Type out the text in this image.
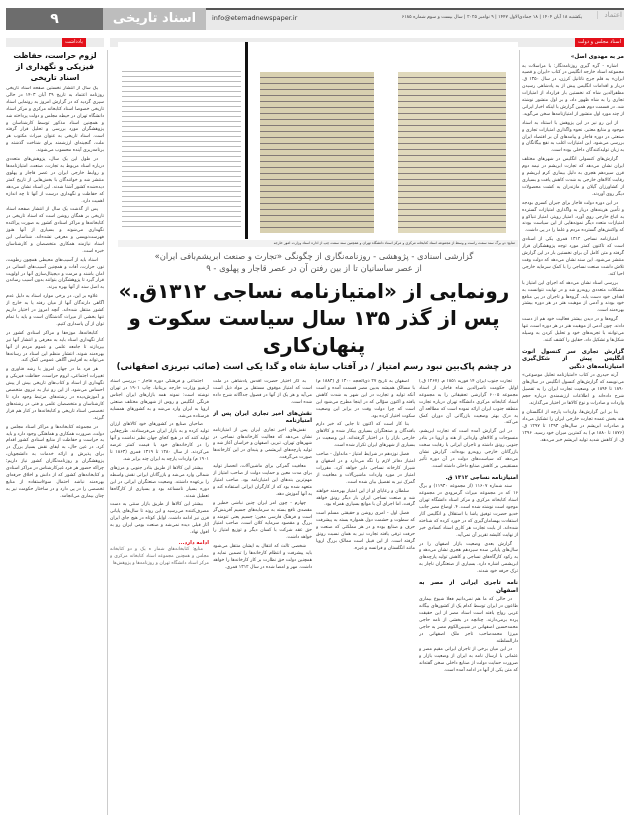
۹	اسناد تاریخی	info@etemadnewspaper.ir	یکشنبه ۱۸ آبان ۱۴۰۴ | ۱۸ جمادی‌الاول ۱۴۴۷ | ۹ نوامبر ۲۰۲۵ | سال بیست و سوم شماره ۶۱۸۵	اعتماد
یادداشت	اسناد مجلس و دولت
لزوم حراست، حفاظت فیزیکی و نگهداری از اسناد تاریخی

یک سال از انتشار نخستین صفحه اسناد تاریخی روزنامه اعتماد به تاریخ ۲۹ آبان ۱۴۰۳ در حالی سپری گردید که در گزارش امروز به رونمایی اسناد تاریخی خصوصا اسناد کتابخانه مرکزی و مرکز اسناد دانشگاه تهران در حیطه مجلس و دولت پرداخته شد و همچنین اسناد مذکور توسط کارشناسان و پژوهشگران مورد بررسی و تحلیل قرار گرفته است. اسناد تاریخی به عنوان میراث مکتوب هر ملت، گنجینه‌ای ارزشمند برای شناخت گذشته و برنامه‌ریزی آینده محسوب می‌شوند.

در طول این یک سال، پژوهش‌های متعددی درباره اسناد مربوط به تجارت، صنعت، امتیازنامه‌ها و روابط خارجی ایران در عصر قاجار و پهلوی منتشر شد و خوانندگان با بخش‌هایی از تاریخ کمتر دیده‌شده کشور آشنا شدند. این اسناد نشان می‌دهد که حفاظت و نگهداری درست از آنها تا چه اندازه اهمیت دارد.

پس از گذشت یک سال از انتشار صفحه اسناد تاریخی بر همگان روشن است که اسناد تاریخی در کتابخانه‌ها و مراکز اسنادی کشور به صورت پراکنده نگهداری می‌شوند و بسیاری از آنها هنوز فهرست‌نویسی و معرفی نشده‌اند. شناسایی این اسناد نیازمند همکاری متخصصان و کارشناسان خبره است.

اسناد باید از آسیب‌های محیطی همچون رطوبت، نور، حرارت، آفات و همچنین آسیب‌های انسانی در امان باشند و مرمت و دیجیتال‌سازی آنها در اولویت قرار گیرد تا پژوهشگران بتوانند بدون آسیب رساندن به اصل سند از آنها بهره ببرند.

علاوه بر این، در برخی موارد اسناد به دلیل عدم آگاهی دارندگان آنها از میان رفته یا به خارج از کشور منتقل شده‌اند. آنچه امروز در اختیار داریم تنها بخشی از میراث گذشتگان است و باید با تمام توان از آن پاسداری کنیم.

کتابخانه‌ها، موزه‌ها و مراکز اسنادی کشور در کنار نگهداری اسناد باید به معرفی و انتشار آنها نیز بپردازند تا جامعه علمی و عموم مردم از آنها بهره‌مند شوند. انتشار منظم این اسناد در رسانه‌ها می‌تواند به افزایش آگاهی عمومی کمک کند.

هر فرد ما در جهان امروز با رشد فناوری و تغییرات اجتماعی، لزوم حراست، حفاظت فیزیکی و نگهداری از اسناد و کتاب‌های تاریخی بیش از پیش احساس می‌شود. از این رو نیاز به نیروی متخصص و آموزش‌دیده در رشته‌های مرتبط وجود دارد تا کارشناسان و متخصصان علمی و فنی در رشته‌های تخصصی اسناد تاریخی و کتابخانه‌ها در کنار هم قرار گیرند.

در مجموعه کتابخانه‌ها و مراکز اسناد مجلس و دولت، ضرورت همکاری و هماهنگی وجود دارد و باید به حراست و حفاظت از منابع اسنادی کشور اقدام کرد. در عین حال، به ایفای نقش بسیار بزرگ در برای پذیرش و ارائه خدمات به دانشجویان، پژوهشگران و روزنامه‌نگاران کشور نیاز داریم؛ چراکه حضور هر فرد غیرکارشناس در مراکز اسنادی و کتابخانه‌های کشور که از دانش و اخلاق حرفه‌ای بهره‌مند نباشد احتمال سوءاستفاده از منابع تخصصی را در پی دارد و در ساختار حکومت نیز به چنان بیماری می‌انجامد.

منابع: دو برگ سند سمت راست و وسط از مجموعه اسناد کتابخانه مرکزی و مرکز اسناد دانشگاه تهران و همچنین سند سمت چپ از اداره اسناد وزارت امور خارجه
گزارشی اسنادی - پژوهشی - روزنامه‌نگاری از چگونگی «تجارت و صنعت ابریشم‌بافی ایران»
از عصر ساسانیان تا از بین رفتن آن در عصر قاجار و پهلوی - ۹
رونمایی از «امتیازنامه نساجی ۱۳۱۲ق.»
پس از گذر ۱۳۵ سال سیاست سکوت و پنهان‌کاری
در چشم پاک‌بین نبود رسم امتیاز / در آفتاب سایهٔ شاه و گدا یکی است (صائب تبریزی اصفهانی)

تجارت جنوب ایران ۱۴ فوریه ۱۸۵۱ م. (۱۲۶۷ ق.) اوایل حکومت ناصرالدین شاه قاجار، از اسناد مجموعه ۶۰۰۵ گزارشی تحقیقاتی را به مجموعه اسناد کتابخانه مرکزی دانشگاه تهران درباره تجارت منطقه جنوب ایران ارائه نموده است که مطالعه آن به درک بهتر وضعیت بازرگانی آن دوران کمک می‌کند.

در این گزارش آمده است که تجارت ابریشم، منسوجات و کالاهای وارداتی از هند و اروپا در بنادر جنوبی رونق داشته و تاجران ایرانی با رقابت سخت بازرگانان خارجی روبه‌رو بوده‌اند. گزارش نشان می‌دهد که سیاست‌های دولت در آن دوره تأثیر مستقیمی بر کاهش صنایع داخلی داشته است.

امتیازنامه نساجی ۱۳۱۲ ق.

سند شماره ۱۱۶۰۷ (از مجموعه ۱۱۹۳۰) و برگ ۱۶ که در مجموعه میراث گرمرودی در مجموعه اسناد کتابخانه مرکزی و مرکز اسناد دانشگاه تهران موجود است نوشته شده است. ۴. اوضاع مصر جانب خدیو حضرت توفیق پاشا با استقلال و انگلیس آثار استفادت بهسامان‌گیری که در خورد کرده که شناخته شده‌اند. از بابت تجارت هر کاری اسناد کسادی خبر از نهایت کلیشه تقریر آن نمی‌آید.

گزارش بعدی وضعیت بازار اصفهان را در سال‌های پایانی سده سیزدهم هجری نشان می‌دهد و به رکود کارگاه‌های نساجی و کاهش تولید پارچه‌های ابریشمی اشاره دارد. بسیاری از صنعتگران ناچار به ترک حرفه خود شدند.

نامه تاجری ایرانی از مصر به اصفهان

در حالی که ما هم نمی‌دانیم فعلا شیوع بیماری طاعون در ایران توسط کدام یک از کشورهای بیگانه غربی رواج یافته است اسناد مصر از این حقیقت پرده برمی‌دارند. چنانچه در بخشی از نامه حاجی محمدحسین اصفهانی در شیبین‌الکوم مصر به حاجی میرزا محمدصاحب تاجر ملک اصفهانی در دارالسلطنه

در این میان برخی از تاجران ایرانی مقیم مصر و عثمانی با ارسال نامه به ایران از وضعیت بازار و ضرورت حمایت دولت از صنایع داخلی سخن گفته‌اند که متن یکی از آنها در ادامه آمده است.

اصفهان به تاریخ ۲۷ ذی‌الحجه ۱۳۰۰ ق (۱۸۸۳ م) با مسالک همیشه به‌بین مصر قسمت آمده و است آنکه تولید و تجارت در این شهر به شدت کاهش یافته و اکنون سؤالی که در اینجا مطرح می‌شود این است که چرا دولت وقت در برابر این وضعیت سکوت اختیار کرده بود.

بنا کار است که اکنون تا جایی که خبر دارم بافندگان و صنعتگران بسیاری بیکار شده و کالاهای خارجی بازار را در اختیار گرفته‌اند. این وضعیت در بسیاری از شهرهای ایران تکرار شده است.

فصل نوزدهم در شرایط امتیاز - مانداول - صاحب امتیاز دفاتر لازم را نگه می‌دارد و در اصفهان و شیراز کارخانه نساجی دایر خواهد کرد. مقررات امتیاز در مورد واردات ماشین‌آلات و معافیت از گمرک نیز به تفصیل بیان شده است.

سلطان و رعایای او از این امتیاز بهره‌مند خواهند شد و صنعت نساجی ایران بار دیگر رونق خواهد گرفت، اما اجرای آن با موانع بسیاری همراه بود.

فصل اول - امری روشن و حقیقتی مسلم است که سطوت و حشمت دول همواره بسته به پیشرفت حرف و صنایع بوده و در هر مملکتی که صنعت و حرفت ترقی یافته تجارت نیز به همان نسبت رونق گرفته است. از این قبیل است ممالک بزرگ اروپا مانند انگلستان و فرانسه و غیره.

به کار اختیار حضرت اقدس پادشاهی در ملت است که امتیاز موقوف مستقل بر مواد ذیل است می‌آید و هر یک از آنها در فصول جداگانه شرح داده شده است.

نقش‌های اخیر تجاری ایران پس از امتیازنامه

نقش‌های اخیر تجاری ایران پس از امتیازنامه نشان می‌دهد که فعالیت کارخانه‌های نساجی در شهرهای تهران، تبریز، اصفهان و خراسان آغاز شد و تولید پارچه‌های ابریشمی و پنبه‌ای در این کارخانه‌ها صورت می‌گرفت.

معافیت گمرکی برای ماشین‌آلات، انحصار تولید برای مدت معین و حمایت دولت از صاحب امتیاز از مهم‌ترین بندهای این امتیازنامه بود. صاحب امتیاز متعهد شده بود که از کارگران ایرانی استفاده کند و به آنها آموزش دهد.

چهارم - چون امر ایران چنین نباشی خطیر و مقصدی نافع بسته به سرمایه‌های جسیم آفرینش‌گر است و فرهنگ فارسی معین: جسیم یعنی تنومند و بزرگ و مقصود سرمایه کلان است، صاحب امتیاز حق عقد شرکت با کسان دیگر و توزیع امتیاز را خواهد داشت.

شخصی ثالث که انتقال به ایشان منتقل می‌شود باید پیشرفت و انتظام کارخانه‌ها را تضمین نماید و همچنین دولت حق نظارت بر کار کارخانه‌ها را خواهد داشت. مهر و امضا شده در سال ۱۳۱۲ قمری.

اجتماعی و فرهنگی دوره قاجار - بررسی اسناد آرشیو وزارت خارجه بریتانیا، چاپ ۱۹۰۱ در تهران نوشته است: نمونه همه بازارهای ایران اجناس فرنگی انگلیس و روس از شهرهای مختلف صنعتی اروپا به ایران وارد می‌شد و به کشورهای همسایه فرستاده می‌شد.

صاحبان صنایع در کشورهای خود کالاهای ارزان تولید کرده و به بازار ایران می‌فرستادند. طرح‌هایی تولید کنند که در هیچ کجای جهان نظیر نداشت و آنها را در کارخانه‌های خود با قیمت کمتر عرضه می‌کردند. از سال ۱۲۸۰ تا ۱۳۱۹ قمری (۱۸۶۳ تا ۱۹۰۱ م) واردات پارچه به ایران چند برابر شد.

بیشتر این کالاها از طریق بنادر جنوبی و مرزهای شمالی وارد می‌شد و بازرگانان ایرانی نقش واسطه را برعهده داشتند. وضعیت صنعتگران ایرانی در این دوره بسیار نامساعد بود و بسیاری از کارگاه‌ها تعطیل شدند.

بیشتر این کالاها از طریق بازار سنتی به دست مصرف‌کننده می‌رسید و این روند تا سال‌های پایانی قرن نیز ادامه داشت. اوایل کوتاه در هیچ جای ایران آثار قبلی دیده نمی‌شد و صنعت بومی ایران رو به افول نهاد.

ادامه دارد...

منابع: کتابخانه‌های شمار ه یک و دو کتابخانه مجلس و همچنین مجموعه اسناد کتابخانه مرکزی و مرکز اسناد دانشگاه تهران و روزنامه‌ها و پژوهش‌ها

مر به مهدوی اصل»

اشاره - گره گیری روزنامه‌نگار: با مراسلات به مجموعه اسناد خارجه انگلیس در کتاب «ایران و قضیه ایران» به قلم جرج ناتانیل کرزن، در سال ۱۳۵۰ ق. دربار و اقدامات انگلیس پیش از به پادشاهی رسیدن مظفرالدین شاه که نخستین بار قرارداد از امتیازات تجاری را به شاه ظهور داد، و بر اول منشور نوشته شد. در قسمت دوم همین گزارش با اینکه اخبار ایرانی از چند مورد اول منشور از امتیازنامه‌ها سخن می‌گوید.

از این رو نیز در این پژوهش با استناد به اسناد موجود و منابع معتبر، نحوه واگذاری امتیازات تجاری و صنعتی در دوره قاجار و پیامدهای آن بر اقتصاد ایران بررسی می‌شود. این امتیازات اغلب به نفع بیگانگان و به زیان تولیدکنندگان داخلی بوده است.

گزارش‌های کنسولی انگلیس در شهرهای مختلف ایران نشان می‌دهد که تجارت ابریشم در نیمه دوم قرن سیزدهم هجری به دلیل بیماری کرم ابریشم و رقابت کالاهای خارجی به شدت کاهش یافت و بسیاری از کشاورزان گیلان و مازندران به کشت محصولات دیگر روی آوردند.

در این دوره دولت قاجار برای جبران کسری بودجه و تأمین هزینه‌های دربار به واگذاری امتیازات گسترده به اتباع خارجی روی آورد. امتیاز رویتر، امتیاز تنباکو و امتیازات متعدد دیگر نمونه‌هایی از این سیاست بودند که واکنش‌های گسترده مردم و علما را در پی داشت.

امتیازنامه نساجی ۱۳۱۲ قمری یکی از اسنادی است که تاکنون کمتر مورد توجه پژوهشگران قرار گرفته و متن کامل آن برای نخستین بار در این گزارش منتشر می‌شود. این سند نشان می‌دهد که دولت وقت تلاش داشت صنعت نساجی را با کمک سرمایه خارجی احیا کند.

بررسی اسناد نشان می‌دهد که اجرای این امتیاز با مشکلات متعددی روبه‌رو شد و در نهایت نتوانست به اهداف خود دست یابد. گروه‌ها و تاجران در پی منافع خود بودند و آدمی از موهبت هنر در هر دوره بیشتر بهره‌مند است.

گروه‌ها و در دیدن بیشتر فعالیت خود هم از دست دادند. چون آدمی از موهبت هنر در هر دوره است، تنها می‌توانند با تجربه‌های خود و تحلیل کردن به وسیله شکل‌ها و تشکیل داد، حقایق را کشف کنند.

گزارش تجاری سر کنسول انوت انگلیس پیش از شکل‌گیری امتیازنامه‌های دنگین

آرنه حیدری در کتاب «امتیازنامه تحلیل موضوعی» می‌نویسد که گزارش‌های کنسول انگلیس در سال‌های ۱۸۹۰ تا ۱۸۹۴ م. وضعیت تجارت ایران را به تفصیل شرح داده‌اند و اطلاعات ارزشمندی درباره حجم واردات و صادرات و نوع کالاها در اختیار می‌گذارند.

بنا بر این گزارش‌ها، واردات پارچه از انگلستان و هند بخش عمده تجارت خارجی ایران را تشکیل می‌داد و صادرات ابریشم در سال‌های ۱۲۹۳ تا ۱۲۹۷ ق. (۱۸۷۶ تا ۱۸۸۰ م.) به کمترین میزان خود رسید. ۱۲۹۶ ق. از کاهش شدید تولید ابریشم خبر می‌دهد.
